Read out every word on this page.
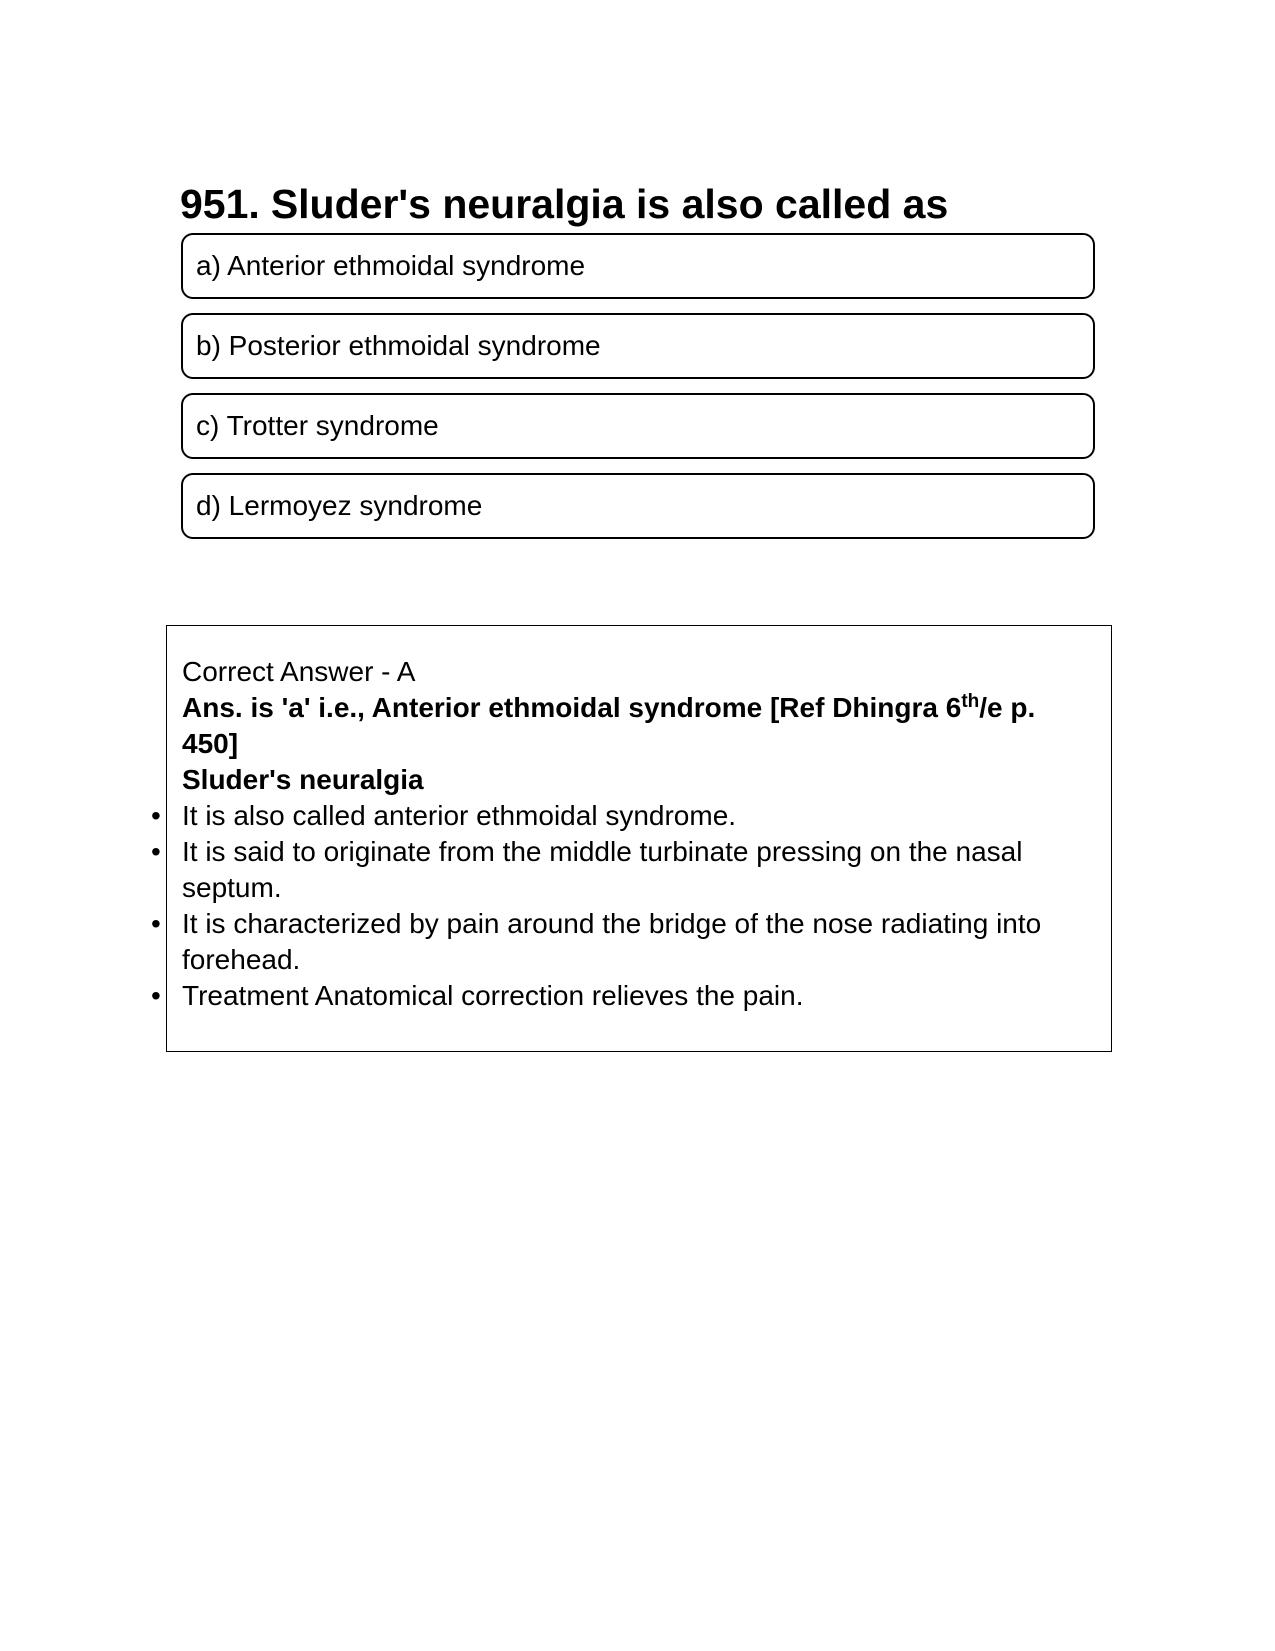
951. Sluder's neuralgia is also called as
a) Anterior ethmoidal syndrome
b) Posterior ethmoidal syndrome
c) Trotter syndrome
d) Lermoyez syndrome

Correct Answer - A

Ans. is 'a' i.e., Anterior ethmoidal syndrome [Ref Dhingra 6th/e p. 450]

Sluder's neuralgia

• It is also called anterior ethmoidal syndrome.
• It is said to originate from the middle turbinate pressing on the nasal septum.
• It is characterized by pain around the bridge of the nose radiating into forehead.
• Treatment Anatomical correction relieves the pain.
